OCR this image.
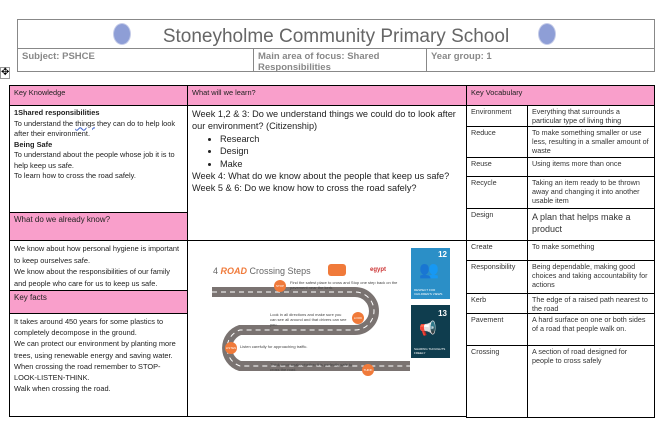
Stoneyholme Community Primary School
Subject: PSHCE	Main area of focus: Shared Responsibilities
Year group: 1
✥
Key Knowledge	What will we learn?	Key Vocabulary
1Shared responsibilities
To understand the things they can do to help look after their environment.
Being Safe
To understand about the people whose job it is to help keep us safe.
To learn how to cross the road safely.
What do we already know?
We know about how personal hygiene is important to keep ourselves safe.
We know about the responsibilities of our family and people who care for us to keep us safe.
Key facts
It takes around 450 years for some plastics to completely decompose in the ground.
We can protect our environment by planting more trees, using renewable energy and saving water.
When crossing the road remember to STOP-LOOK-LISTEN-THINK.
Walk when crossing the road.
Week 1,2 & 3: Do we understand things we could do to look after our environment? (Citizenship)
• Research
• Design
• Make
Week 4: What do we know about the people that keep us safe?
Week 5 & 6: Do we know how to cross the road safely?
4 ROAD Crossing Steps	egypt
Find the safest place to cross and Stop one step back on the pavement near the kerb.
Look in all directions and make sure you can see all around and that drivers can see you.
Listen carefully for approaching traffic.
Think once again whether it is perfectly safe to cross the road.
STOP
LOOK
LISTEN
THINK
12
👥
RESPECT FOR CHILDREN'S VIEWS
13
📢
SHARING THOUGHTS FREELY
Environment	Everything that surrounds a particular type of living thing
Reduce	To make something smaller or use less, resulting in a smaller amount of waste
Reuse	Using items more than once
Recycle	Taking an item ready to be thrown away and changing it into another usable item
Design	A plan that helps make a product
Create	To make something
Responsibility	Being dependable, making good choices and taking accountability for actions
Kerb	The edge of a raised path nearest to the road
Pavement	A hard surface on one or both sides of a road that people walk on.
Crossing	A section of road designed for people to cross safely
